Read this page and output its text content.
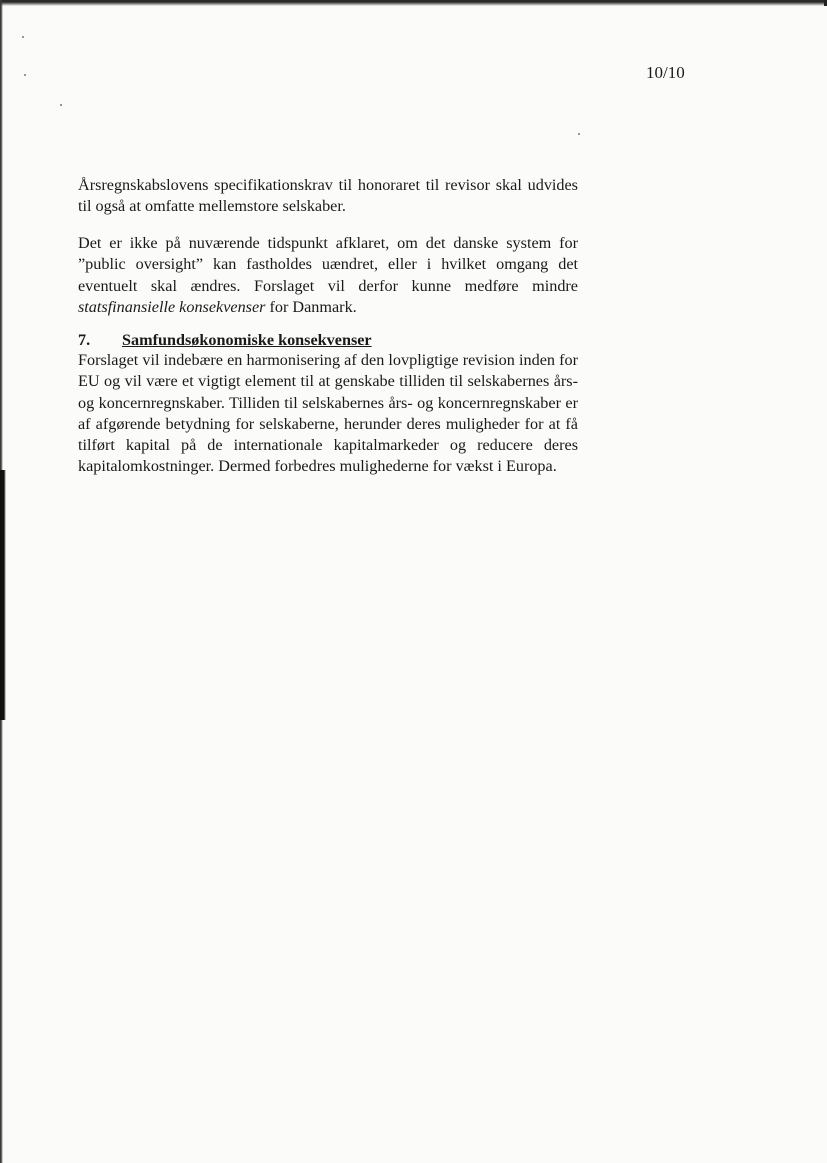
10/10
Årsregnskabslovens specifikationskrav til honoraret til revisor skal udvides til også at omfatte mellemstore selskaber.
Det er ikke på nuværende tidspunkt afklaret, om det danske system for ”public oversight” kan fastholdes uændret, eller i hvilket omgang det eventuelt skal ændres. Forslaget vil derfor kunne medføre mindre statsfinansielle konsekvenser for Danmark.
7. Samfundsøkonomiske konsekvenser
Forslaget vil indebære en harmonisering af den lovpligtige revision inden for EU og vil være et vigtigt element til at genskabe tilliden til selskabernes års- og koncernregnskaber. Tilliden til selskabernes års- og koncernregnskaber er af afgørende betydning for selskaberne, herunder deres muligheder for at få tilført kapital på de internationale kapitalmarkeder og reducere deres kapitalomkostninger. Dermed forbedres mulighederne for vækst i Europa.
